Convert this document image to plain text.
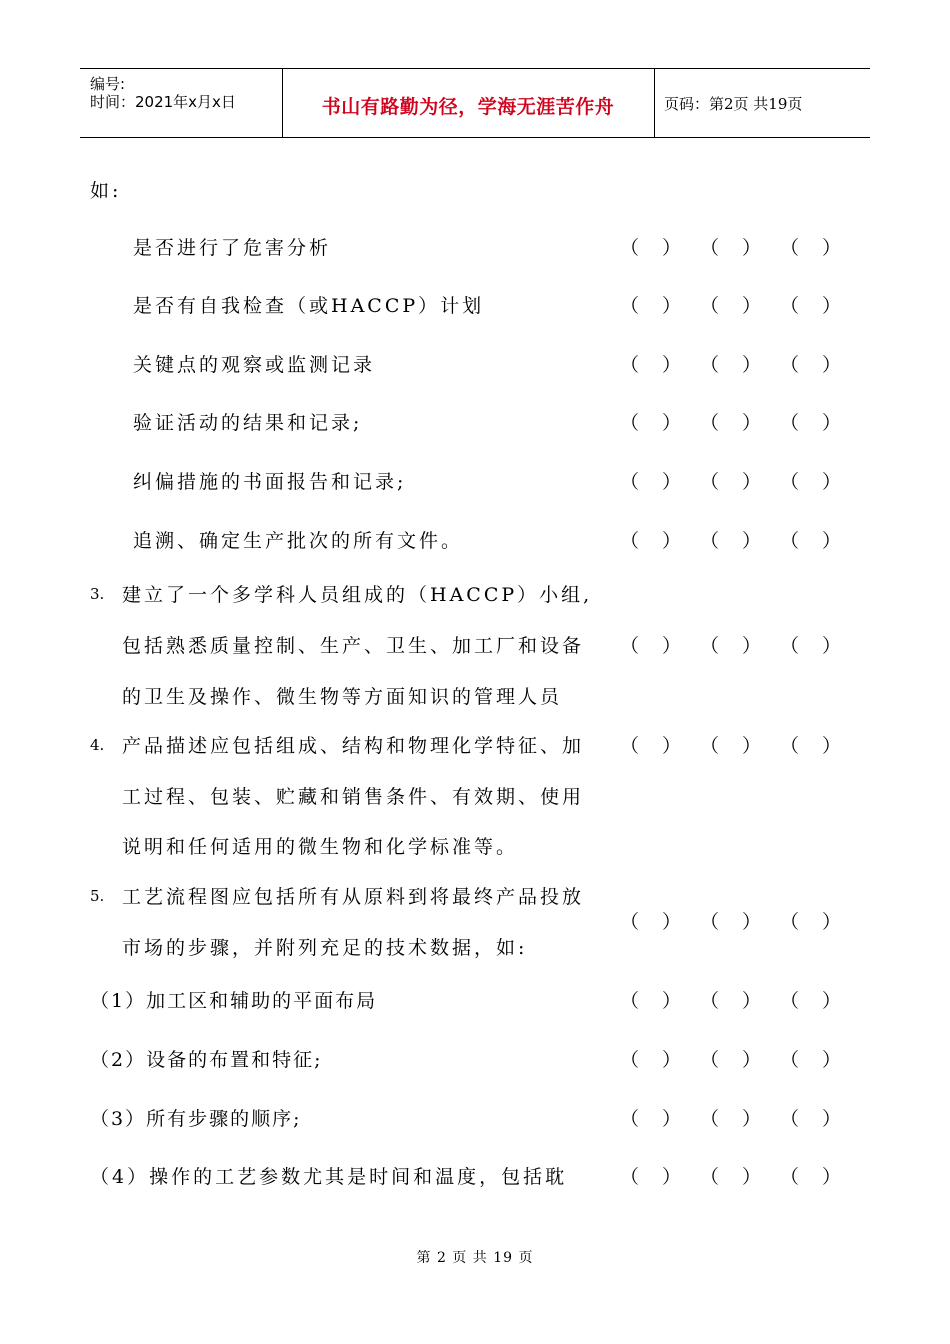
编号:
时间：2021年x月x日	书山有路勤为径，学海无涯苦作舟	页码：第2页 共19页
如:
是否进行了危害分析
是否有自我检查（或HACCP）计划
关键点的观察或监测记录
验证活动的结果和记录;
纠偏措施的书面报告和记录;
追溯、确定生产批次的所有文件。
3. 建立了一个多学科人员组成的（HACCP）小组,
包括熟悉质量控制、生产、卫生、加工厂和设备
的卫生及操作、微生物等方面知识的管理人员
4. 产品描述应包括组成、结构和物理化学特征、加
工过程、包装、贮藏和销售条件、有效期、使用
说明和任何适用的微生物和化学标准等。
5. 工艺流程图应包括所有从原料到将最终产品投放
市场的步骤，并附列充足的技术数据，如:
（1）加工区和辅助的平面布局
（2）设备的布置和特征;
（3）所有步骤的顺序;
（4）操作的工艺参数尤其是时间和温度，包括耽
（ ） （ ） （ ）
（ ） （ ） （ ）
（ ） （ ） （ ）
（ ） （ ） （ ）
（ ） （ ） （ ）
（ ） （ ） （ ）
（ ） （ ） （ ）
（ ） （ ） （ ）
（ ） （ ） （ ）
（ ） （ ） （ ）
（ ） （ ） （ ）
（ ） （ ） （ ）
（ ） （ ） （ ）
第 2 页 共 19 页
